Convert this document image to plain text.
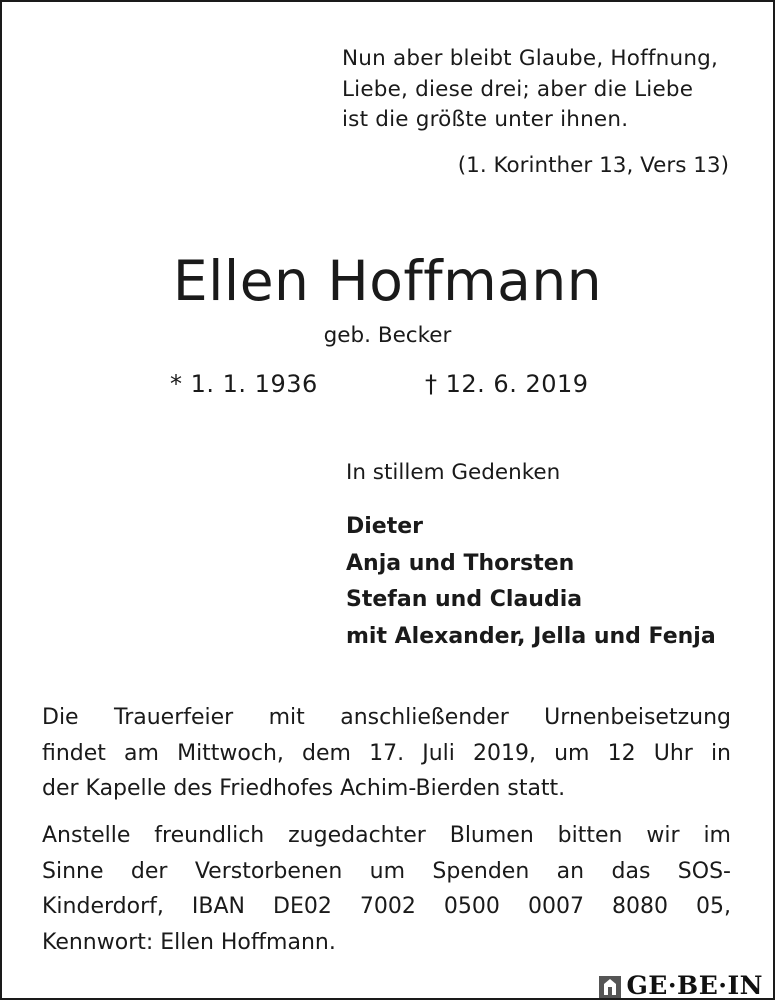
Nun aber bleibt Glaube, Hoffnung,
Liebe, diese drei; aber die Liebe
ist die größte unter ihnen.
(1. Korinther 13, Vers 13)
Ellen Hoffmann
geb. Becker
* 1. 1. 1936	† 12. 6. 2019
In stillem Gedenken
Dieter
Anja und Thorsten
Stefan und Claudia
mit Alexander, Jella und Fenja
Die Trauerfeier mit anschließender Urnenbeisetzung
findet am Mittwoch, dem 17. Juli 2019, um 12 Uhr in
der Kapelle des Friedhofes Achim-Bierden statt.
Anstelle freundlich zugedachter Blumen bitten wir im
Sinne der Verstorbenen um Spenden an das SOS-
Kinderdorf, IBAN DE02 7002 0500 0007 8080 05,
Kennwort: Ellen Hoffmann.
GE·BE·IN
